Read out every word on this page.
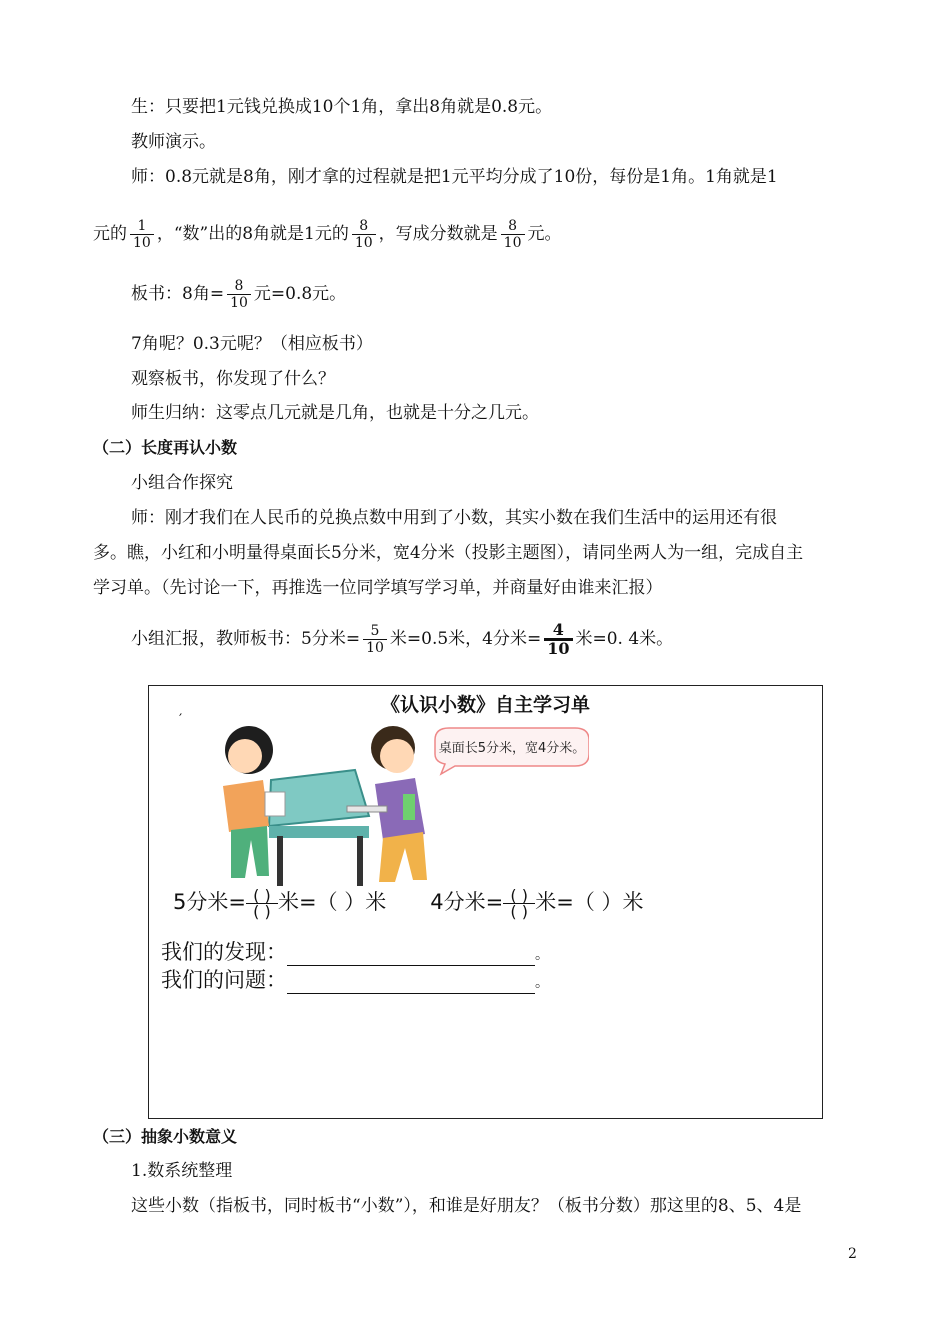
生：只要把1元钱兑换成10个1角，拿出8角就是0.8元。
教师演示。
师：0.8元就是8角，刚才拿的过程就是把1元平均分成了10份，每份是1角。1角就是1
元的 $\frac{1}{10}$ ，“数”出的8角就是1元的 $\frac{8}{10}$ ，写成分数就是 $\frac{8}{10}$ 元。
板书：8角= $\frac{8}{10}$ 元=0.8元。
7角呢？0.3元呢？（相应板书）
观察板书，你发现了什么？
师生归纳：这零点几元就是几角，也就是十分之几元。
（二）长度再认小数
小组合作探究
师：刚才我们在人民币的兑换点数中用到了小数，其实小数在我们生活中的运用还有很
多。瞧，小红和小明量得桌面长5分米，宽4分米（投影主题图），请同坐两人为一组，完成自主
学习单。（先讨论一下，再推选一位同学填写学习单，并商量好由谁来汇报）
小组汇报，教师板书：5分米= $\frac{5}{10}$ 米=0.5米，4分米= $\frac{4}{10}$ 米=0. 4米。
《认识小数》自主学习单
′
桌面长5分米，宽4分米。
5分米= ( )
( ) 米=（ ）米 4分米= ( )
( ) 米=（ ）米
我们的发现：	。
我们的问题：	。
（三）抽象小数意义
1.数系统整理
这些小数（指板书，同时板书“小数”），和谁是好朋友？（板书分数）那这里的8、5、4是
2
